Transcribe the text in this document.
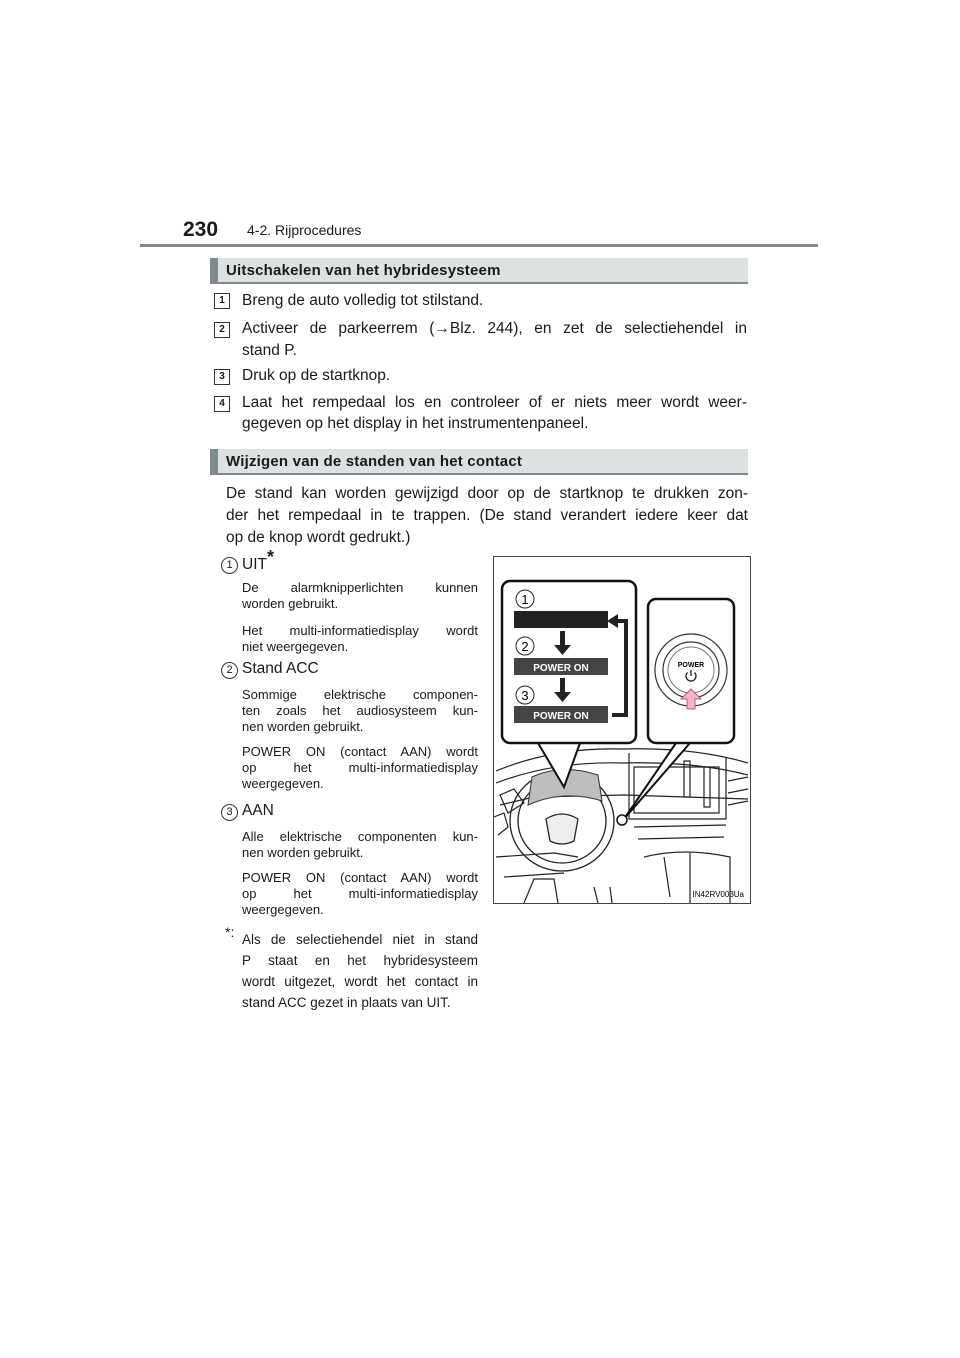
230 4-2. Rijprocedures
Uitschakelen van het hybridesysteem
1	Breng de auto volledig tot stilstand.
2	Activeer de parkeerrem (→Blz. 244), en zet de selectiehendel in
stand P.
3	Druk op de startknop.
4	Laat het rempedaal los en controleer of er niets meer wordt weer-
gegeven op het display in het instrumentenpaneel.
Wijzigen van de standen van het contact
De stand kan worden gewijzigd door op de startknop te drukken zon-
der het rempedaal in te trappen. (De stand verandert iedere keer dat
op de knop wordt gedrukt.)
1 UIT*
De alarmknipperlichten kunnen
worden gebruikt.
Het multi-informatiedisplay wordt
niet weergegeven.
2 Stand ACC
Sommige elektrische componen-
ten zoals het audiosysteem kun-
nen worden gebruikt.
POWER ON (contact AAN) wordt
op het multi-informatiedisplay
weergegeven.
3 AAN
Alle elektrische componenten kun-
nen worden gebruikt.
POWER ON (contact AAN) wordt
op het multi-informatiedisplay
weergegeven.
*: Als de selectiehendel niet in stand
P staat en het hybridesysteem
wordt uitgezet, wordt het contact in
stand ACC gezet in plaats van UIT.
1
2
POWER ON
3
POWER ON
POWER
IN42RV003Ua
